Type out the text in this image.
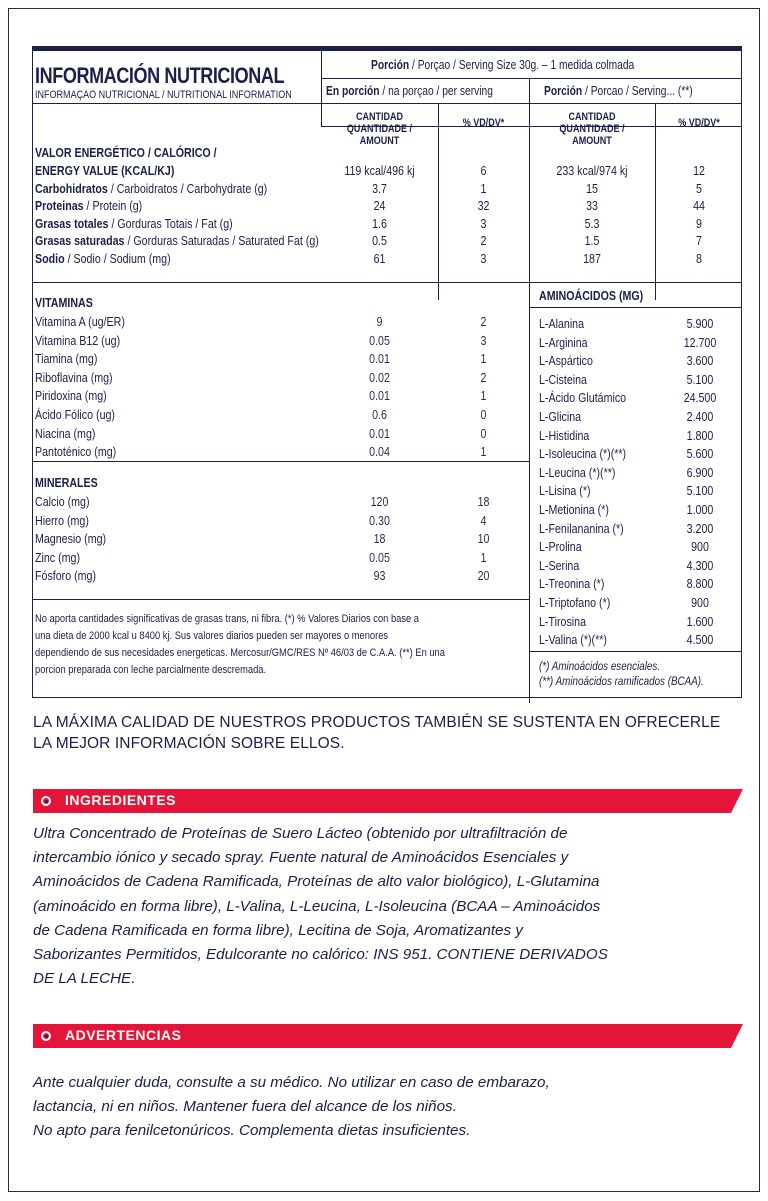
INFORMACIÓN NUTRICIONAL
INFORMAÇAO NUTRICIONAL / NUTRITIONAL INFORMATION
Porción / Porçao / Serving Size 30g. – 1 medida colmada
En porción / na porçao / per serving	Porción / Porcao / Serving... (**)
CANTIDAD
QUANTIDADE / AMOUNT
% VD/DV*	CANTIDAD
QUANTIDADE / AMOUNT
% VD/DV*
VALOR ENERGÉTICO / CALÓRICO /
ENERGY VALUE (KCAL/KJ)	119 kcal/496 kj	6	233 kcal/974 kj	12
Carbohidratos / Carboidratos / Carbohydrate (g)	3.7	1	15	5
Proteinas / Protein (g)	24	32	33	44
Grasas totales / Gorduras Totais / Fat (g)	1.6	3	5.3	9
Grasas saturadas / Gorduras Saturadas / Saturated Fat (g)	0.5	2	1.5	7
Sodio / Sodio / Sodium (mg)	61	3	187	8
VITAMINAS
Vitamina A (ug/ER)	9	2
Vitamina B12 (ug)	0.05	3
Tiamina (mg)	0.01	1
Riboflavina (mg)	0.02	2
Piridoxina (mg)	0.01	1
Ácido Fólico (ug)	0.6	0
Niacina (mg)	0.01	0
Pantoténico (mg)	0.04	1
MINERALES
Calcio (mg)	120	18
Hierro (mg)	0.30	4
Magnesio (mg)	18	10
Zinc (mg)	0.05	1
Fósforo (mg)	93	20
AMINOÁCIDOS (MG)
L-Alanina	5.900
L-Arginina	12.700
L-Aspártico	3.600
L-Cisteina	5.100
L-Ácido Glutámico	24.500
L-Glicina	2.400
L-Histidina	1.800
L-Isoleucina (*)(**)	5.600
L-Leucina (*)(**)	6.900
L-Lisina (*)	5.100
L-Metionina (*)	1.000
L-Fenilananina (*)	3.200
L-Prolina	900
L-Serina	4.300
L-Treonina (*)	8.800
L-Triptofano (*)	900
L-Tirosina	1.600
L-Valina (*)(**)	4.500
(*) Aminoácidos esenciales.
(**) Aminoácidos ramificados (BCAA).
No aporta cantidades significativas de grasas trans, ni fibra. (*) % Valores Diarios con base a
una dieta de 2000 kcal u 8400 kj. Sus valores diarios pueden ser mayores o menores
dependiendo de sus necesidades energeticas. Mercosur/GMC/RES Nº 46/03 de C.A.A. (**) En una
porcion preparada con leche parcialmente descremada.
LA MÁXIMA CALIDAD DE NUESTROS PRODUCTOS TAMBIÉN SE SUSTENTA EN OFRECERLE
LA MEJOR INFORMACIÓN SOBRE ELLOS.
INGREDIENTES
Ultra Concentrado de Proteínas de Suero Lácteo (obtenido por ultrafiltración de
intercambio iónico y secado spray. Fuente natural de Aminoácidos Esenciales y
Aminoácidos de Cadena Ramificada, Proteínas de alto valor biológico), L-Glutamina
(aminoácido en forma libre), L-Valina, L-Leucina, L-Isoleucina (BCAA – Aminoácidos
de Cadena Ramificada en forma libre), Lecitina de Soja, Aromatizantes y
Saborizantes Permitidos, Edulcorante no calórico: INS 951. CONTIENE DERIVADOS
DE LA LECHE.
ADVERTENCIAS
Ante cualquier duda, consulte a su médico. No utilizar en caso de embarazo,
lactancia, ni en niños. Mantener fuera del alcance de los niños.
No apto para fenilcetonúricos. Complementa dietas insuficientes.
